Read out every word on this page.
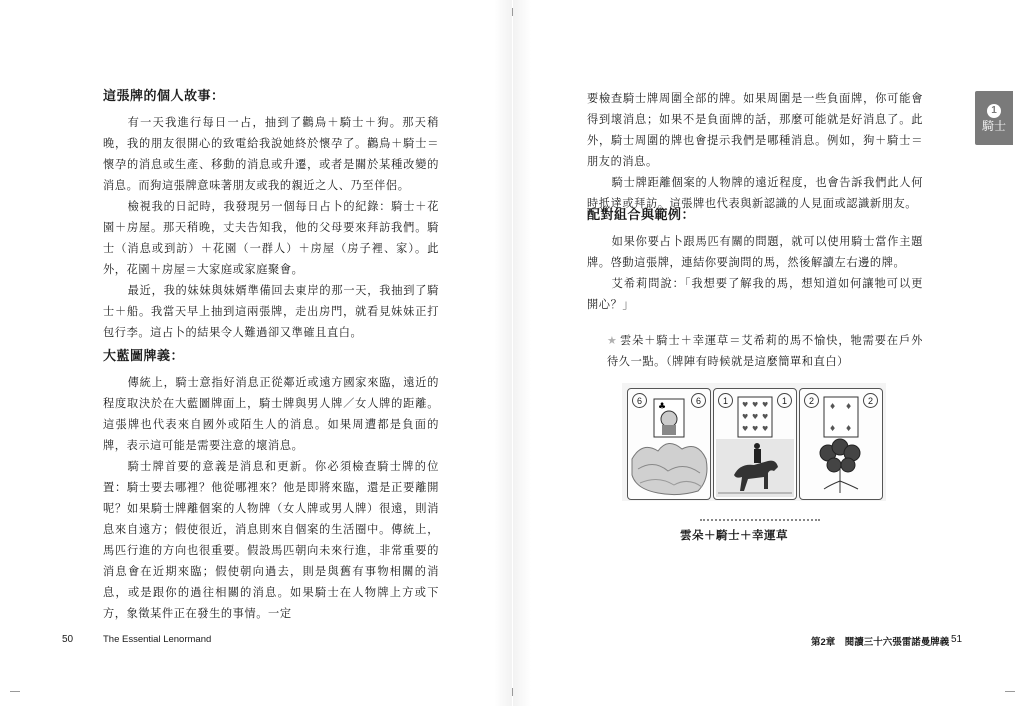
這張牌的個人故事：

有一天我進行每日一占，抽到了鸛鳥＋騎士＋狗。那天稍晚，我的朋友很開心的致電給我說她終於懷孕了。鸛鳥＋騎士＝懷孕的消息或生產、移動的消息或升遷，或者是關於某種改變的消息。而狗這張牌意味著朋友或我的親近之人、乃至伴侶。

檢視我的日記時，我發現另一個每日占卜的紀錄：騎士＋花園＋房屋。那天稍晚，丈夫告知我，他的父母要來拜訪我們。騎士（消息或到訪）＋花園（一群人）＋房屋（房子裡、家）。此外，花園＋房屋＝大家庭或家庭聚會。

最近，我的妹妹與妹婿準備回去東岸的那一天，我抽到了騎士＋船。我當天早上抽到這兩張牌，走出房門，就看見妹妹正打包行李。這占卜的結果令人難過卻又準確且直白。

大藍圖牌義：

傳統上，騎士意指好消息正從鄰近或遠方國家來臨，遠近的程度取決於在大藍圖牌面上，騎士牌與男人牌／女人牌的距離。這張牌也代表來自國外或陌生人的消息。如果周遭都是負面的牌，表示這可能是需要注意的壞消息。

騎士牌首要的意義是消息和更新。你必須檢查騎士牌的位置：騎士要去哪裡？他從哪裡來？他是即將來臨，還是正要離開呢？如果騎士牌離個案的人物牌（女人牌或男人牌）很遠，則消息來自遠方；假使很近，消息則來自個案的生活圈中。傳統上，馬匹行進的方向也很重要。假設馬匹朝向未來行進，非常重要的消息會在近期來臨；假使朝向過去，則是與舊有事物相關的消息，或是跟你的過往相關的消息。如果騎士在人物牌上方或下方，象徵某件正在發生的事情。一定

50	The Essential Lenormand

要檢查騎士牌周圍全部的牌。如果周圍是一些負面牌，你可能會得到壞消息；如果不是負面牌的話，那麼可能就是好消息了。此外，騎士周圍的牌也會提示我們是哪種消息。例如，狗＋騎士＝朋友的消息。

騎士牌距離個案的人物牌的遠近程度，也會告訴我們此人何時抵達或拜訪。這張牌也代表與新認識的人見面或認識新朋友。

配對組合與範例：

如果你要占卜跟馬匹有關的問題，就可以使用騎士當作主題牌。啓動這張牌，連結你要詢問的馬，然後解讀左右邊的牌。

艾希莉問說：「我想要了解我的馬，想知道如何讓牠可以更開心？」

★ 雲朵＋騎士＋幸運草＝艾希莉的馬不愉快，牠需要在戶外待久一點。（牌陣有時候就是這麼簡單和直白）

第2章　閱讀三十六張雷諾曼牌義 51
6	6
♣
1	1
♥ ♥ ♥
♥ ♥ ♥
♥ ♥ ♥
2	2
♦ ♦
♦ ♦
雲朵＋騎士＋幸運草
1
騎士
